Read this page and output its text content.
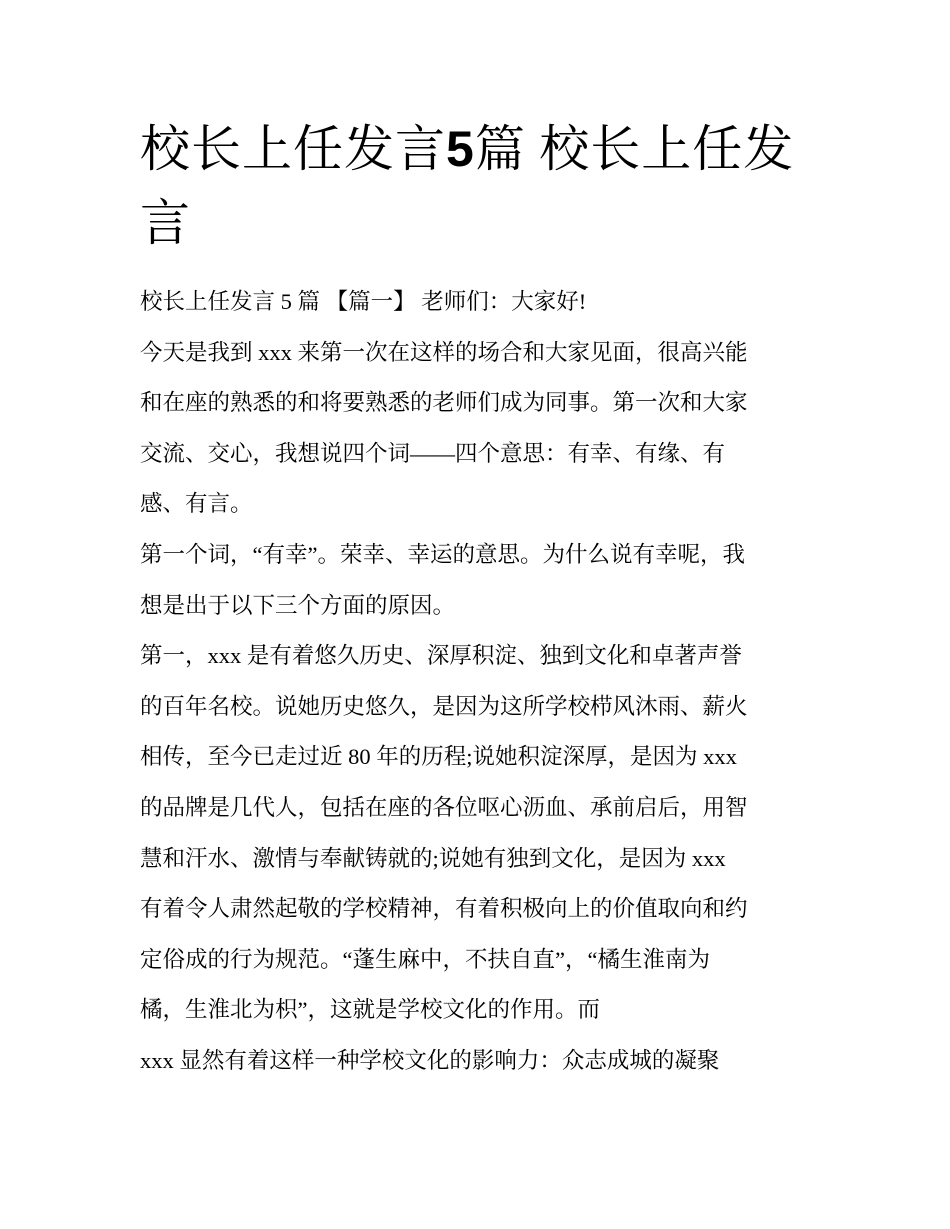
校长上任发言5篇 校长上任发
言
校长上任发言 5 篇 【篇一】 老师们：大家好!
今天是我到 xxx 来第一次在这样的场合和大家见面，很高兴能
和在座的熟悉的和将要熟悉的老师们成为同事。第一次和大家
交流、交心，我想说四个词——四个意思：有幸、有缘、有
感、有言。
第一个词，“有幸”。荣幸、幸运的意思。为什么说有幸呢，我
想是出于以下三个方面的原因。
第一，xxx 是有着悠久历史、深厚积淀、独到文化和卓著声誉
的百年名校。说她历史悠久，是因为这所学校栉风沐雨、薪火
相传，至今已走过近 80 年的历程;说她积淀深厚，是因为 xxx
的品牌是几代人，包括在座的各位呕心沥血、承前启后，用智
慧和汗水、激情与奉献铸就的;说她有独到文化，是因为 xxx
有着令人肃然起敬的学校精神，有着积极向上的价值取向和约
定俗成的行为规范。“蓬生麻中，不扶自直”，“橘生淮南为
橘，生淮北为枳”，这就是学校文化的作用。而
xxx 显然有着这样一种学校文化的影响力：众志成城的凝聚
